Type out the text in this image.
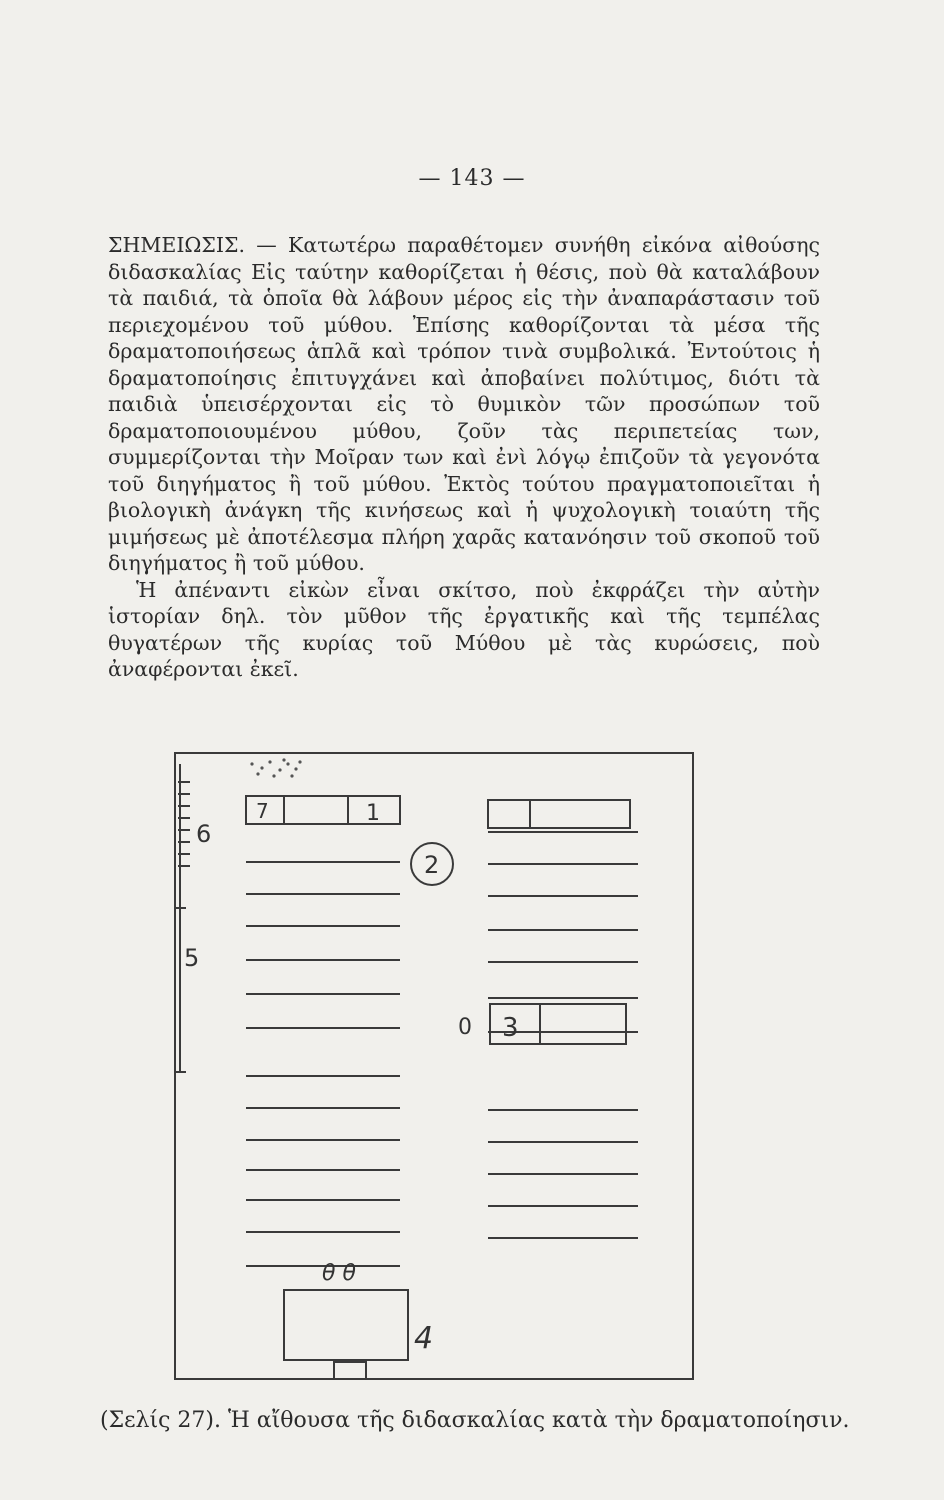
— 143 —

ΣΗΜΕΙΩΣΙΣ. — Κατωτέρω παραθέτομεν συνήθη εἰκόνα αἰθούσης διδασκαλίας Εἰς ταύτην καθορίζεται ἡ θέσις, ποὺ θὰ καταλάβουν τὰ παιδιά, τὰ ὁποῖα θὰ λάβουν μέρος εἰς τὴν ἀναπαράστασιν τοῦ περιεχομένου τοῦ μύθου. Ἐπίσης καθορίζονται τὰ μέσα τῆς δραματοποιήσεως ἁπλᾶ καὶ τρόπον τινὰ συμβολικά. Ἐντούτοις ἡ δραματοποίησις ἐπιτυγχάνει καὶ ἀποβαίνει πολύτιμος, διότι τὰ παιδιὰ ὑπεισέρχονται εἰς τὸ θυμικὸν τῶν προσώπων τοῦ δραματοποιουμένου μύθου, ζοῦν τὰς περιπετείας των, συμμερίζονται τὴν Μοῖραν των καὶ ἐνὶ λόγῳ ἐπιζοῦν τὰ γεγονότα τοῦ διηγήματος ἢ τοῦ μύθου. Ἐκτὸς τούτου πραγματοποιεῖται ἡ βιολογικὴ ἀνάγκη τῆς κινήσεως καὶ ἡ ψυχολογικὴ τοιαύτη τῆς μιμήσεως μὲ ἀποτέλεσμα πλήρη χαρᾶς κατανόησιν τοῦ σκοποῦ τοῦ διηγήματος ἢ τοῦ μύθου.

Ἡ ἀπέναντι εἰκὼν εἶναι σκίτσο, ποὺ ἐκφράζει τὴν αὐτὴν ἱστορίαν δηλ. τὸν μῦθον τῆς ἐργατικῆς καὶ τῆς τεμπέλας θυγατέρων τῆς κυρίας τοῦ Μύθου μὲ τὰς κυρώσεις, ποὺ ἀναφέρονται ἐκεῖ.

7	1
6
2
5
0 3
θ θ
4
(Σελίς 27). Ἡ αἴθουσα τῆς διδασκαλίας κατὰ τὴν δραματοποίησιν.
